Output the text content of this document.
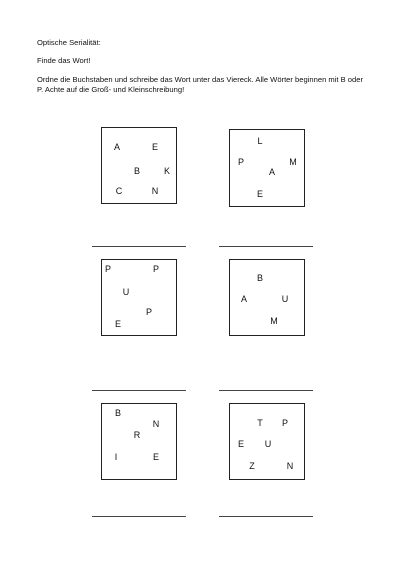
Optische Serialität:

Finde das Wort!

Ordne die Buchstaben und schreibe das Wort unter das Viereck. Alle Wörter beginnen mit B oder P. Achte auf die Groß- und Kleinschreibung!

A	E
B	K
C	N
L
P	M
A
E
P	P
U
P
E
B
A	U
M
B
N
R
I	E
T P
E U
Z	N
